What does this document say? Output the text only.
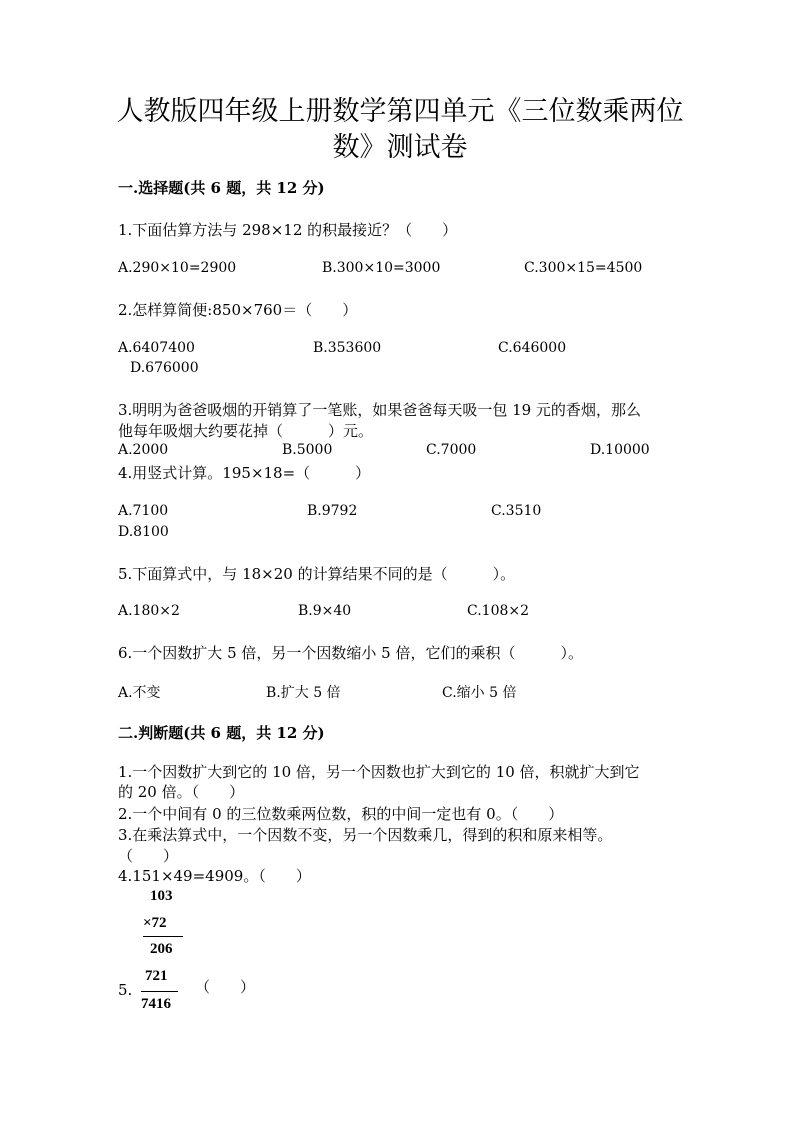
人教版四年级上册数学第四单元《三位数乘两位
数》测试卷
一.选择题(共 6 题，共 12 分)
1.下面估算方法与 298×12 的积最接近？（　　）
A.290×10=2900	B.300×10=3000	C.300×15=4500
2.怎样算简便:850×760＝（　　）
A.6407400	B.353600	C.646000
D.676000
3.明明为爸爸吸烟的开销算了一笔账，如果爸爸每天吸一包 19 元的香烟，那么
他每年吸烟大约要花掉（　　　）元。
A.2000	B.5000	C.7000	D.10000
4.用竖式计算。195×18=（　　　）
A.7100	B.9792	C.3510
D.8100
5.下面算式中，与 18×20 的计算结果不同的是（　　　）。
A.180×2	B.9×40	C.108×2
6.一个因数扩大 5 倍，另一个因数缩小 5 倍，它们的乘积（　　　）。
A.不变	B.扩大 5 倍	C.缩小 5 倍
二.判断题(共 6 题，共 12 分)
1.一个因数扩大到它的 10 倍，另一个因数也扩大到它的 10 倍，积就扩大到它
的 20 倍。（　　）
2.一个中间有 0 的三位数乘两位数，积的中间一定也有 0。（　　）
3.在乘法算式中，一个因数不变，另一个因数乘几，得到的积和原来相等。
（　　）
4.151×49=4909。（　　）
103
×72
206
5.
721
7416
（　　）
